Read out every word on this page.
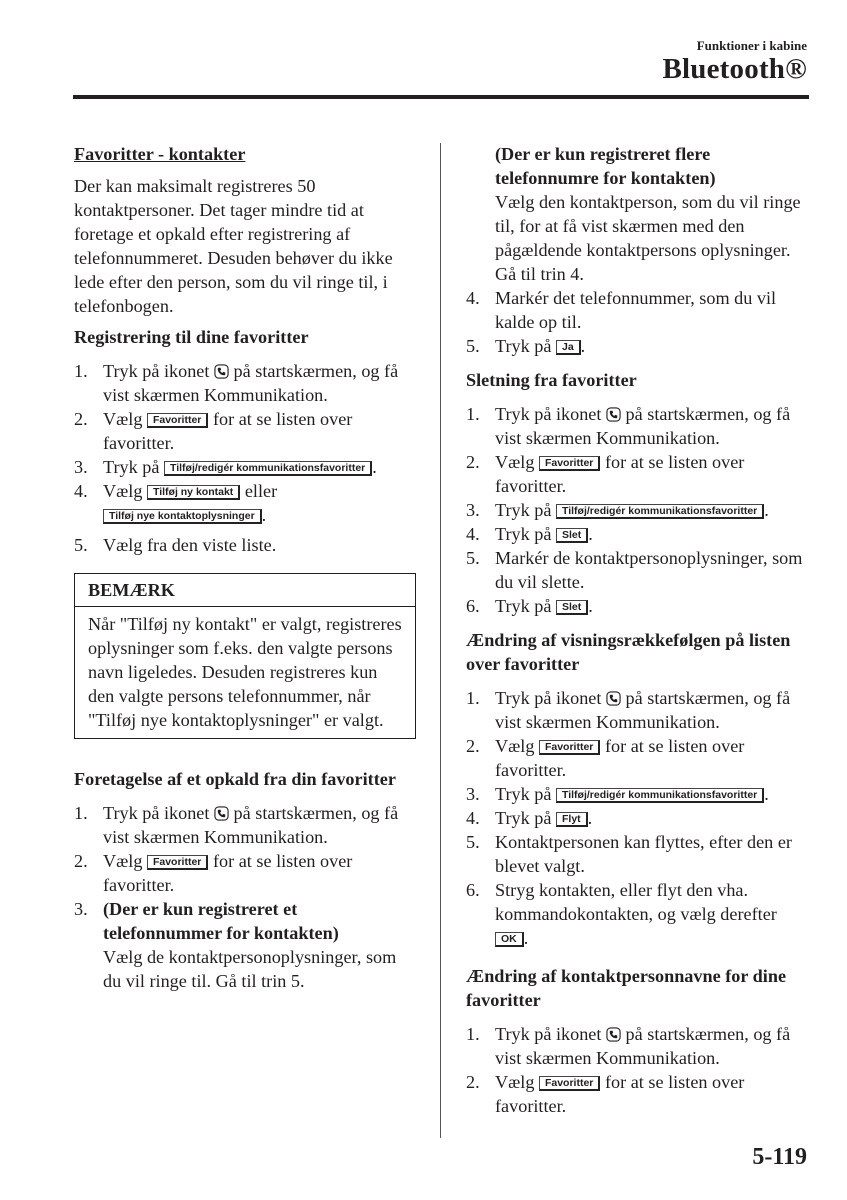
Funktioner i kabine
Bluetooth®
Favoritter - kontakter
Der kan maksimalt registreres 50 kontaktpersoner. Det tager mindre tid at foretage et opkald efter registrering af telefonnummeret. Desuden behøver du ikke lede efter den person, som du vil ringe til, i telefonbogen.
Registrering til dine favoritter
1. Tryk på ikonet på startskærmen, og få vist skærmen Kommunikation.
2. Vælg Favoritter for at se listen over favoritter.
3. Tryk på Tilføj/redigér kommunikationsfavoritter .
4. Vælg Tilføj ny kontakt eller
Tilføj nye kontaktoplysninger .
5. Vælg fra den viste liste.
BEMÆRK
Når "Tilføj ny kontakt" er valgt, registreres oplysninger som f.eks. den valgte persons navn ligeledes. Desuden registreres kun den valgte persons telefonnummer, når "Tilføj nye kontaktoplysninger" er valgt.
Foretagelse af et opkald fra din favoritter
1. Tryk på ikonet på startskærmen, og få vist skærmen Kommunikation.
2. Vælg Favoritter for at se listen over favoritter.
3. (Der er kun registreret et telefonnummer for kontakten)
Vælg de kontaktpersonoplysninger, som du vil ringe til. Gå til trin 5.
(Der er kun registreret flere telefonnumre for kontakten)
Vælg den kontaktperson, som du vil ringe til, for at få vist skærmen med den pågældende kontaktpersons oplysninger. Gå til trin 4.
4. Markér det telefonnummer, som du vil kalde op til.
5. Tryk på Ja .
Sletning fra favoritter
1. Tryk på ikonet på startskærmen, og få vist skærmen Kommunikation.
2. Vælg Favoritter for at se listen over favoritter.
3. Tryk på Tilføj/redigér kommunikationsfavoritter .
4. Tryk på Slet .
5. Markér de kontaktpersonoplysninger, som du vil slette.
6. Tryk på Slet .
Ændring af visningsrækkefølgen på listen over favoritter
1. Tryk på ikonet på startskærmen, og få vist skærmen Kommunikation.
2. Vælg Favoritter for at se listen over favoritter.
3. Tryk på Tilføj/redigér kommunikationsfavoritter .
4. Tryk på Flyt .
5. Kontaktpersonen kan flyttes, efter den er blevet valgt.
6. Stryg kontakten, eller flyt den vha. kommandokontakten, og vælg derefter
OK .
Ændring af kontaktpersonnavne for dine favoritter
1. Tryk på ikonet på startskærmen, og få vist skærmen Kommunikation.
2. Vælg Favoritter for at se listen over favoritter.
5-119
